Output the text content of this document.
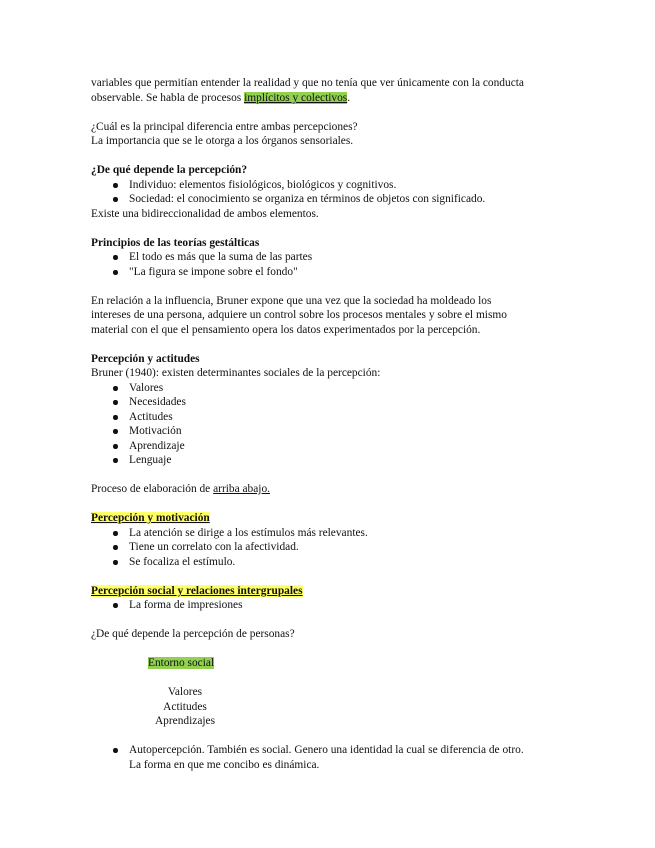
variables que permitían entender la realidad y que no tenía que ver únicamente con la conducta
observable. Se habla de procesos implícitos y colectivos.
¿Cuál es la principal diferencia entre ambas percepciones?
La importancia que se le otorga a los órganos sensoriales.
¿De qué depende la percepción?
Individuo: elementos fisiológicos, biológicos y cognitivos.
Sociedad: el conocimiento se organiza en términos de objetos con significado.
Existe una bidireccionalidad de ambos elementos.
Principios de las teorías gestálticas
El todo es más que la suma de las partes
"La figura se impone sobre el fondo"
En relación a la influencia, Bruner expone que una vez que la sociedad ha moldeado los
intereses de una persona, adquiere un control sobre los procesos mentales y sobre el mismo
material con el que el pensamiento opera los datos experimentados por la percepción.
Percepción y actitudes
Bruner (1940): existen determinantes sociales de la percepción:
Valores
Necesidades
Actitudes
Motivación
Aprendizaje
Lenguaje
Proceso de elaboración de arriba abajo.
Percepción y motivación
La atención se dirige a los estímulos más relevantes.
Tiene un correlato con la afectividad.
Se focaliza el estímulo.
Percepción social y relaciones intergrupales
La forma de impresiones
¿De qué depende la percepción de personas?
Entorno social
Valores
Actitudes
Aprendizajes
Autopercepción. También es social. Genero una identidad la cual se diferencia de otro.
La forma en que me concibo es dinámica.
